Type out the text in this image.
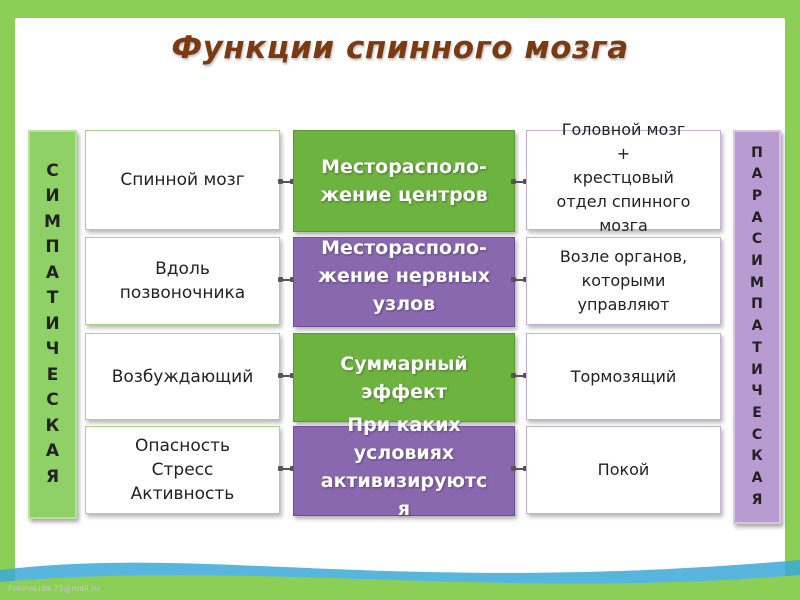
Функции спинного мозга
С
И
М
П
А
Т
И
Ч
Е
С
К
А
Я
П
А
Р
А
С
И
М
П
А
Т
И
Ч
Е
С
К
А
Я
Спинной мозг
Месторасполо-
жение центров
Головной мозг
+
крестцовый
отдел спинного
мозга
Вдоль
позвоночника
Месторасполо-
жение нервных
узлов
Возле органов,
которыми
управляют
Возбуждающий
Суммарный
эффект
Тормозящий
Опасность
Стресс
Активность
При каких
условиях
активизируютс
я
Покой
FokinaLida.75@mail.ru
